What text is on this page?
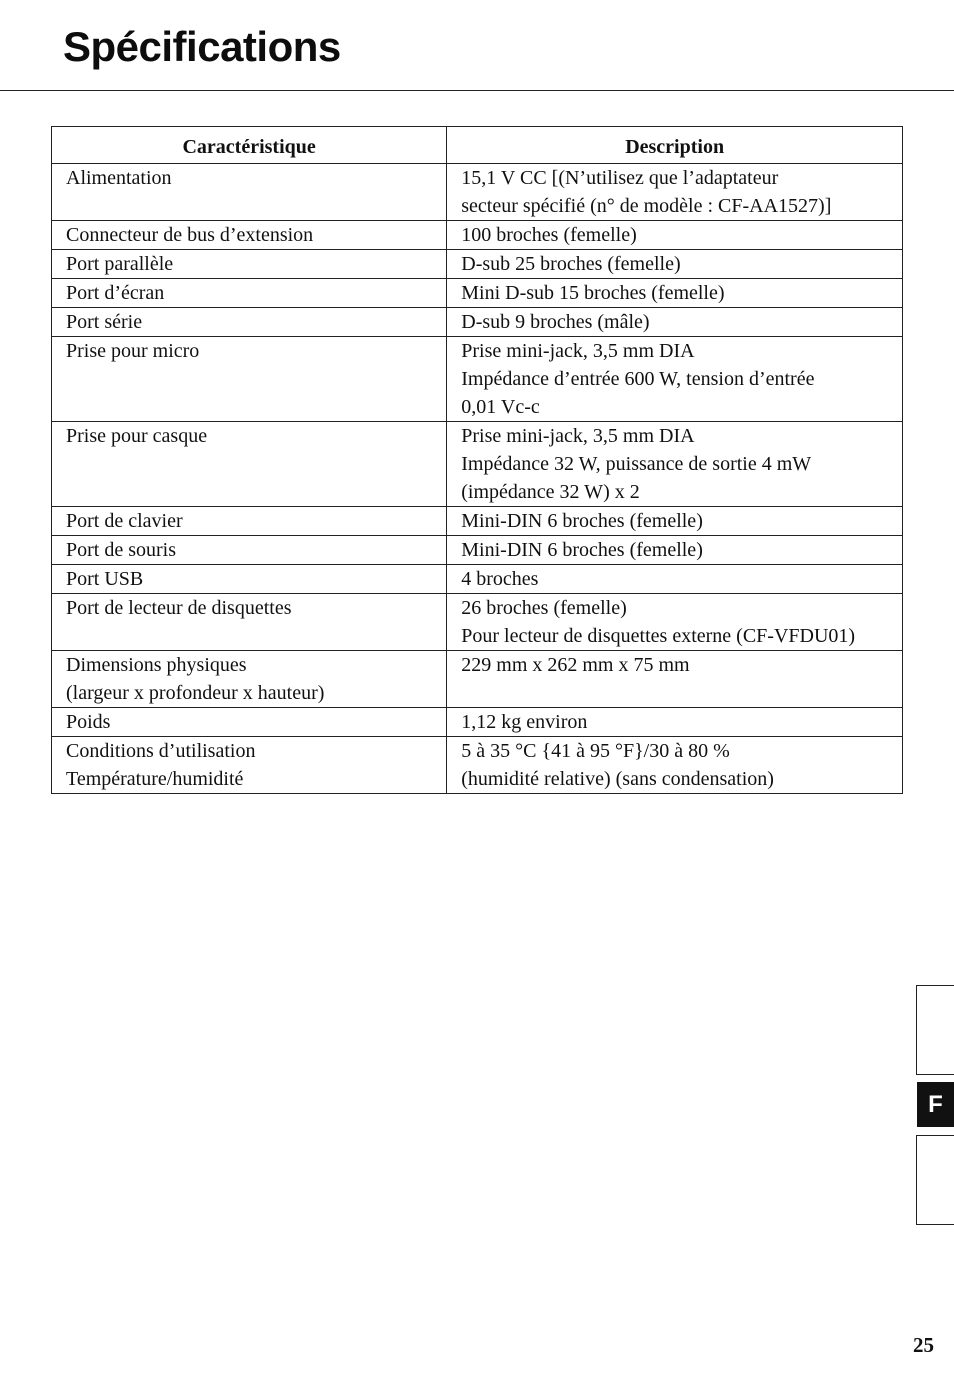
Spécifications
Caractéristique	Description

Alimentation	15,1 V CC [(N’utilisez que l’adaptateur
secteur spécifié (n° de modèle : CF-AA1527)]

Connecteur de bus d’extension	100 broches (femelle)

Port parallèle	D-sub 25 broches (femelle)

Port d’écran	Mini D-sub 15 broches (femelle)

Port série	D-sub 9 broches (mâle)

Prise pour micro	Prise mini-jack, 3,5 mm DIA
Impédance d’entrée 600 W, tension d’entrée
0,01 Vc-c

Prise pour casque	Prise mini-jack, 3,5 mm DIA
Impédance 32 W, puissance de sortie 4 mW
(impédance 32 W) x 2

Port de clavier	Mini-DIN 6 broches (femelle)

Port de souris	Mini-DIN 6 broches (femelle)

Port USB	4 broches

Port de lecteur de disquettes	26 broches (femelle)
Pour lecteur de disquettes externe (CF-VFDU01)

Dimensions physiques
(largeur x profondeur x hauteur)	229 mm x 262 mm x 75 mm

Poids	1,12 kg environ

Conditions d’utilisation
Température/humidité	5 à 35 °C {41 à 95 °F}/30 à 80 %
(humidité relative) (sans condensation)
F
25
